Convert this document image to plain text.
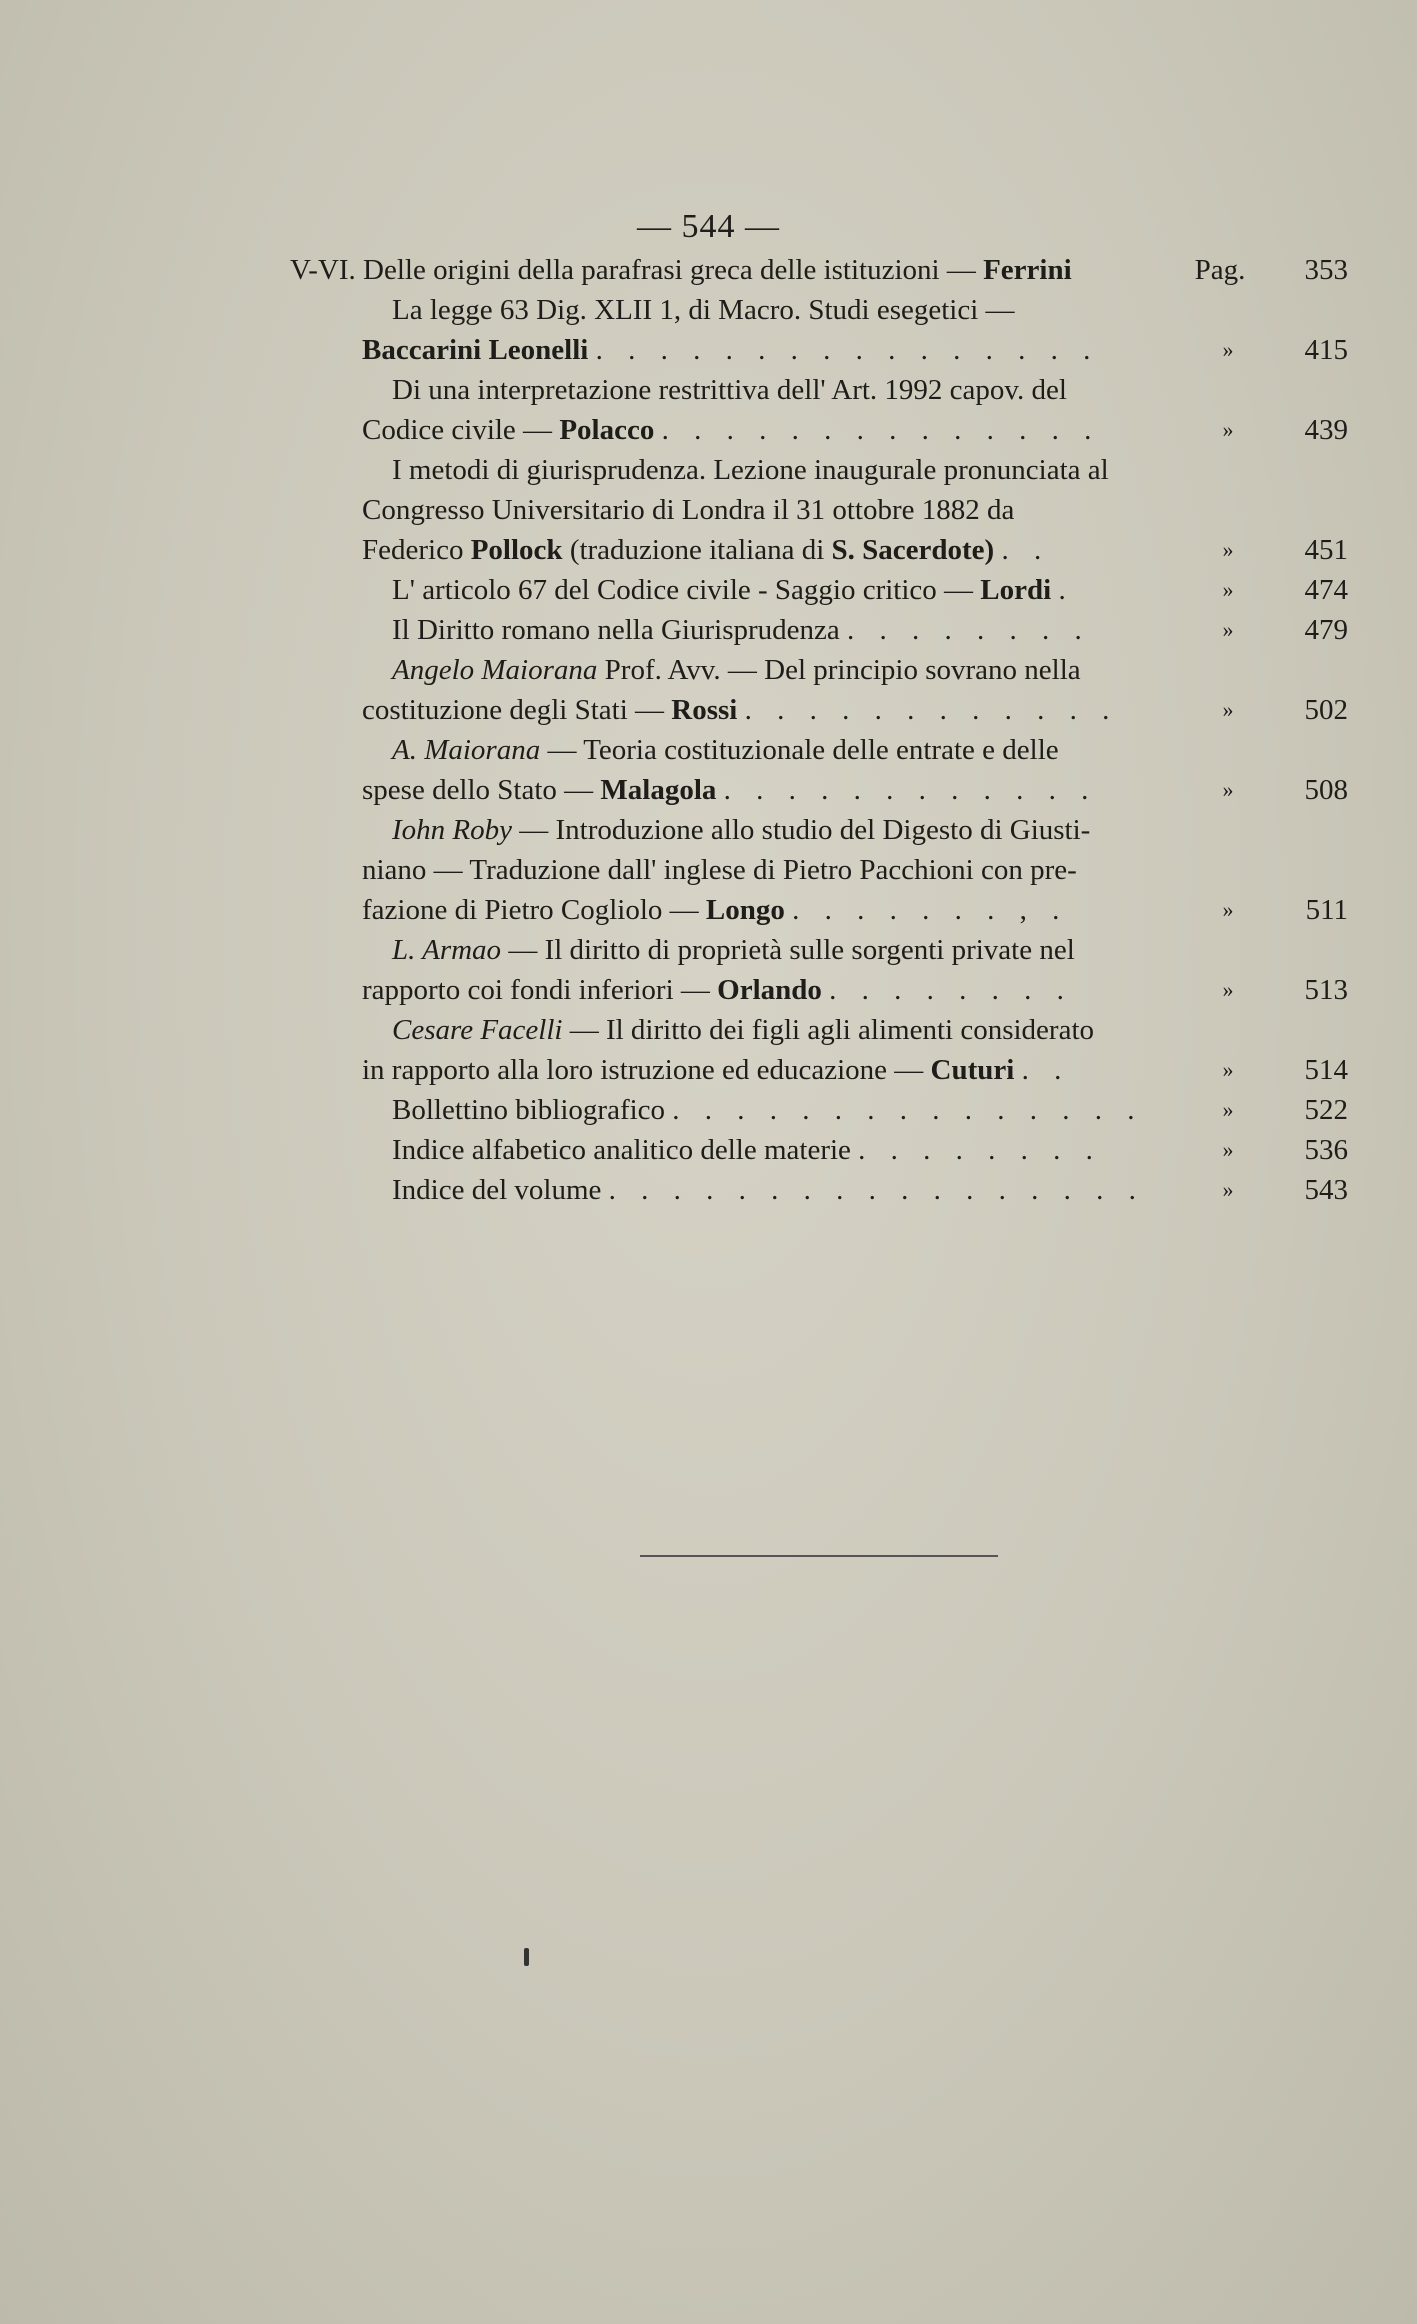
— 544 —
V-VI. Delle origini della parafrasi greca delle istituzioni — Ferrini	Pag.	353
La legge 63 Dig. XLII 1, di Macro. Studi esegetici —
Baccarini Leonelli . . . . . . . . . . . . . . . .	»	415
Di una interpretazione restrittiva dell' Art. 1992 capov. del
Codice civile — Polacco . . . . . . . . . . . . . .	»	439
I metodi di giurisprudenza. Lezione inaugurale pronunciata al
Congresso Universitario di Londra il 31 ottobre 1882 da
Federico Pollock (traduzione italiana di S. Sacerdote) . .	»	451
L' articolo 67 del Codice civile - Saggio critico — Lordi .	»	474
Il Diritto romano nella Giurisprudenza . . . . . . . .	»	479
Angelo Maiorana Prof. Avv. — Del principio sovrano nella
costituzione degli Stati — Rossi . . . . . . . . . . . .	»	502
A. Maiorana — Teoria costituzionale delle entrate e delle
spese dello Stato — Malagola . . . . . . . . . . . .	»	508
Iohn Roby — Introduzione allo studio del Digesto di Giusti-
niano — Traduzione dall' inglese di Pietro Pacchioni con pre-
fazione di Pietro Cogliolo — Longo . . . . . . . , .	»	511
L. Armao — Il diritto di proprietà sulle sorgenti private nel
rapporto coi fondi inferiori — Orlando . . . . . . . .	»	513
Cesare Facelli — Il diritto dei figli agli alimenti considerato
in rapporto alla loro istruzione ed educazione — Cuturi . .	»	514
Bollettino bibliografico . . . . . . . . . . . . . . .	»	522
Indice alfabetico analitico delle materie . . . . . . . .	»	536
Indice del volume . . . . . . . . . . . . . . . . .	»	543
